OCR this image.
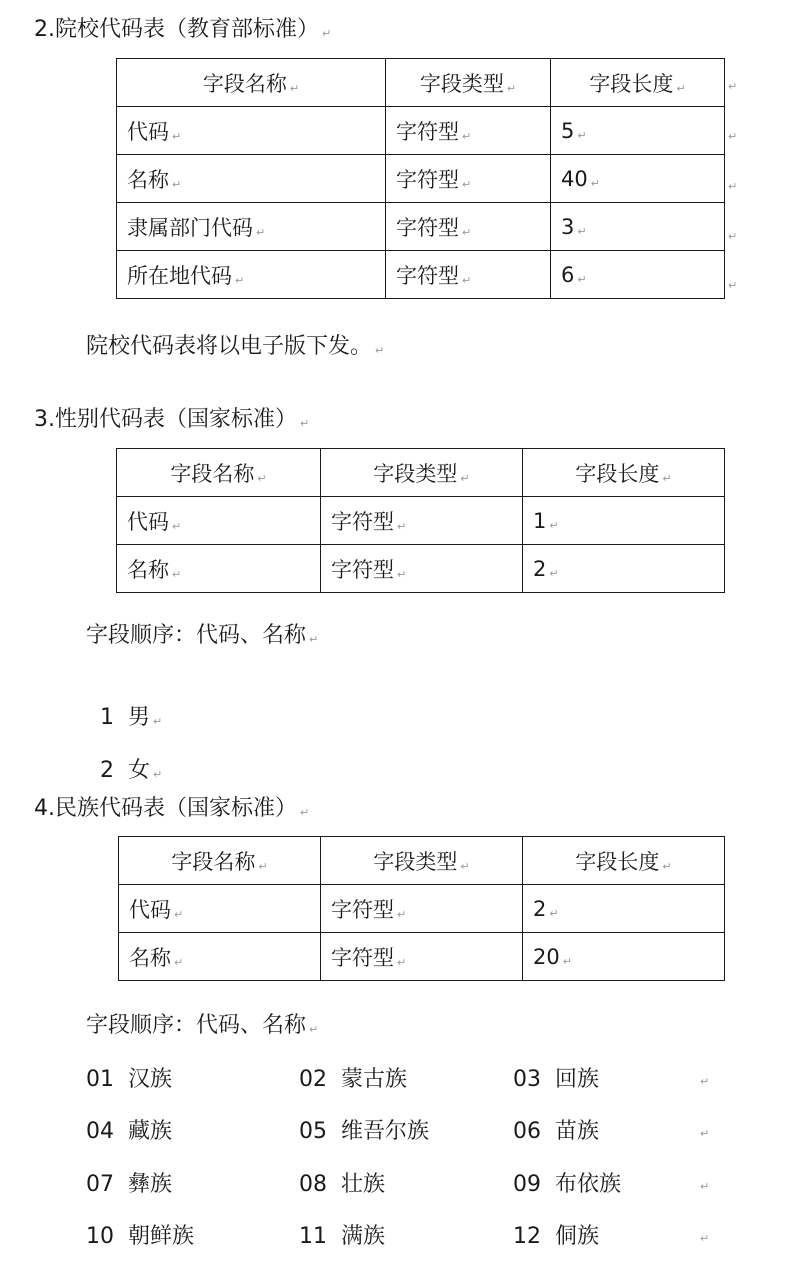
2.院校代码表（教育部标准） ↵
字段名称 ↵	字段类型 ↵	字段长度 ↵
代码 ↵	字符型 ↵	5 ↵
名称 ↵	字符型 ↵	40 ↵
隶属部门代码 ↵	字符型 ↵	3 ↵
所在地代码 ↵	字符型 ↵	6 ↵
↵
↵
↵
↵
↵
院校代码表将以电子版下发。 ↵
3.性别代码表（国家标准） ↵
字段名称 ↵	字段类型 ↵	字段长度 ↵
代码 ↵	字符型 ↵	1 ↵
名称 ↵	字符型 ↵	2 ↵
字段顺序：代码、名称 ↵

1  男 ↵

2  女 ↵

4.民族代码表（国家标准） ↵
字段名称 ↵	字段类型 ↵	字段长度 ↵
代码 ↵	字符型 ↵	2 ↵
名称 ↵	字符型 ↵	20 ↵
字段顺序：代码、名称 ↵
01  汉族	02  蒙古族	03  回族	↵
04  藏族	05  维吾尔族	06  苗族	↵
07  彝族	08  壮族	09  布依族	↵
10  朝鲜族	11  满族	12  侗族	↵
